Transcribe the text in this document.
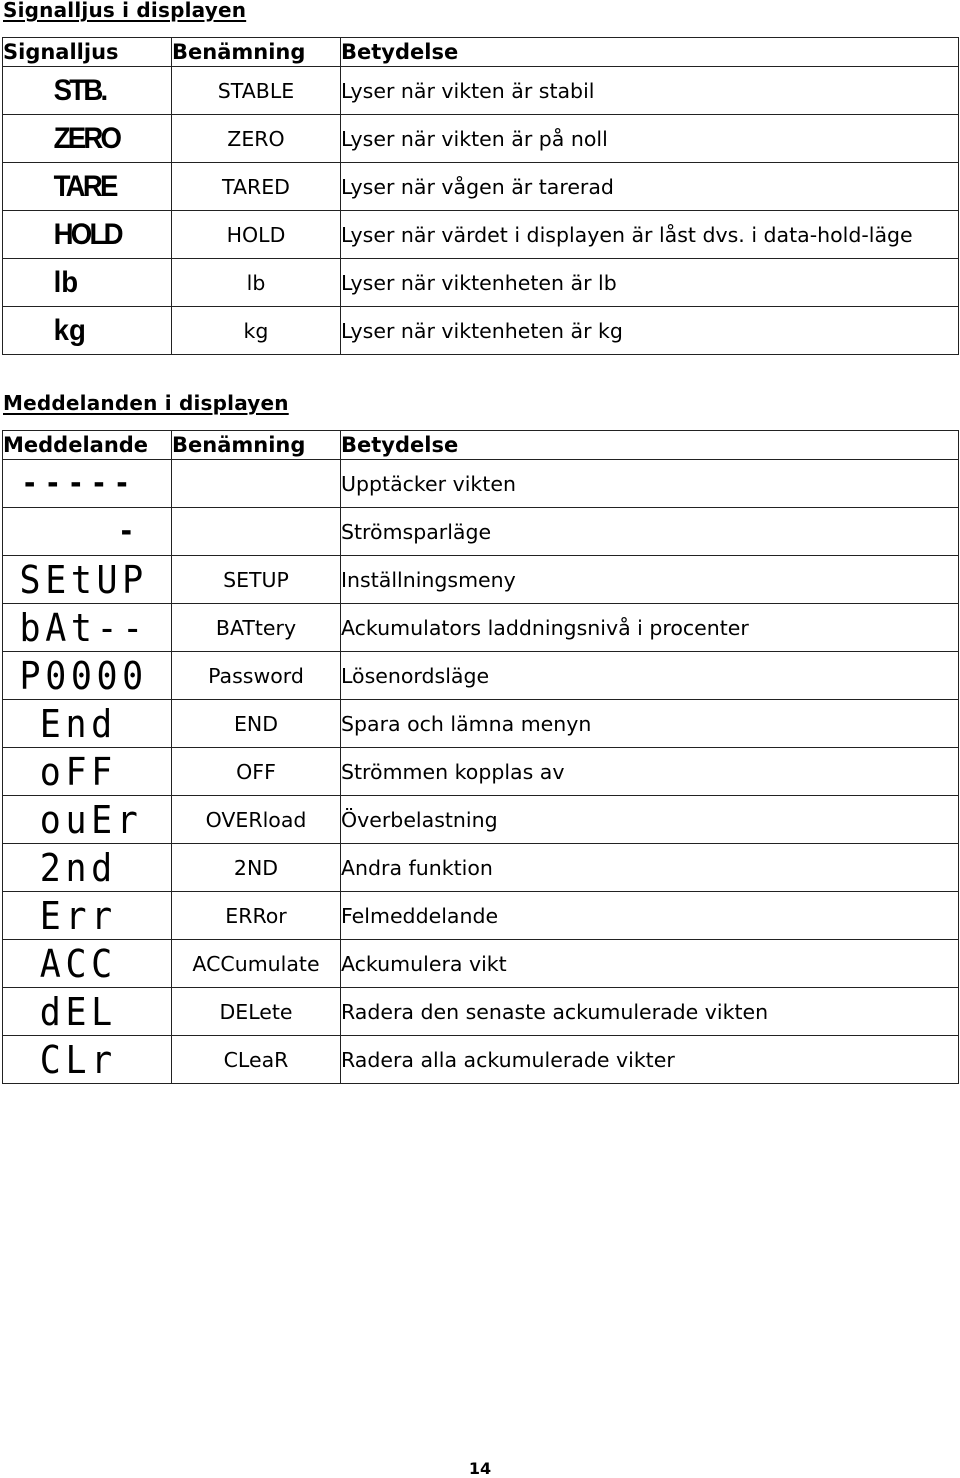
Signalljus i displayen
Signalljus	Benämning	Betydelse

STB.	STABLE	Lyser när vikten är stabil

ZERO	ZERO	Lyser när vikten är på noll

TARE	TARED	Lyser när vågen är tarerad

HOLD	HOLD	Lyser när värdet i displayen är låst dvs. i data-hold-läge

lb	lb	Lyser när viktenheten är lb

kg	kg	Lyser när viktenheten är kg
Meddelanden i displayen
Meddelande	Benämning	Betydelse

-----		Upptäcker vikten

-		Strömsparläge

SEtUP	SETUP	Inställningsmeny

bAt--	BATtery	Ackumulators laddningsnivå i procenter

P0000	Password	Lösenordsläge

End	END	Spara och lämna menyn

oFF	OFF	Strömmen kopplas av

ouEr	OVERload	Överbelastning

2nd	2ND	Andra funktion

Err	ERRor	Felmeddelande

ACC	ACCumulate	Ackumulera vikt

dEL	DELete	Radera den senaste ackumulerade vikten

CLr	CLeaR	Radera alla ackumulerade vikter
14
